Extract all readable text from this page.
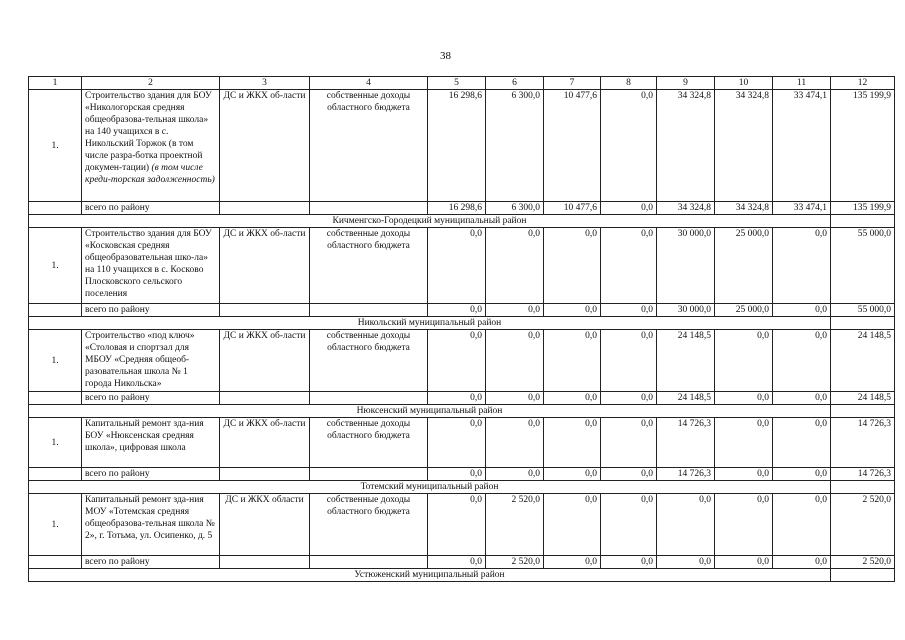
38
1	2	3	4	5	6	7	8	9	10	11	12
1.	Строительство здания для БОУ «Никологорская средняя общеобразова-тельная школа» на 140 учащихся в с. Никольский Торжок (в том числе разра-ботка проектной докумен-тации) (в том числе креди-торская задолженность)	ДС и ЖКХ об-ласти	собственные доходы областного бюджета	16 298,6	6 300,0	10 477,6	0,0	34 324,8	34 324,8	33 474,1	135 199,9
	всего по району			16 298,6	6 300,0	10 477,6	0,0	34 324,8	34 324,8	33 474,1	135 199,9
Кичменгско-Городецкий муниципальный район											
1.	Строительство здания для БОУ «Косковская средняя общеобразовательная шко-ла» на 110 учащихся в с. Косково Плосковского сельского поселения	ДС и ЖКХ об-ласти	собственные доходы областного бюджета	0,0	0,0	0,0	0,0	30 000,0	25 000,0	0,0	55 000,0
	всего по району			0,0	0,0	0,0	0,0	30 000,0	25 000,0	0,0	55 000,0
Никольский муниципальный район											
1.	Строительство «под ключ» «Столовая и спортзал для МБОУ «Средняя общеоб-разовательная школа № 1 города Никольска»	ДС и ЖКХ об-ласти	собственные доходы областного бюджета	0,0	0,0	0,0	0,0	24 148,5	0,0	0,0	24 148,5
	всего по району			0,0	0,0	0,0	0,0	24 148,5	0,0	0,0	24 148,5
Нюксенский муниципальный район											
1.	Капитальный ремонт зда-ния БОУ «Нюксенская средняя школа», цифровая школа	ДС и ЖКХ об-ласти	собственные доходы областного бюджета	0,0	0,0	0,0	0,0	14 726,3	0,0	0,0	14 726,3
	всего по району			0,0	0,0	0,0	0,0	14 726,3	0,0	0,0	14 726,3
Тотемский муниципальный район											
1.	Капитальный ремонт зда-ния МОУ «Тотемская средняя общеобразова-тельная школа № 2», г. Тотьма, ул. Осипенко, д. 5	ДС и ЖКХ области	собственные доходы областного бюджета	0,0	2 520,0	0,0	0,0	0,0	0,0	0,0	2 520,0
	всего по району			0,0	2 520,0	0,0	0,0	0,0	0,0	0,0	2 520,0
Устюженский муниципальный район											
